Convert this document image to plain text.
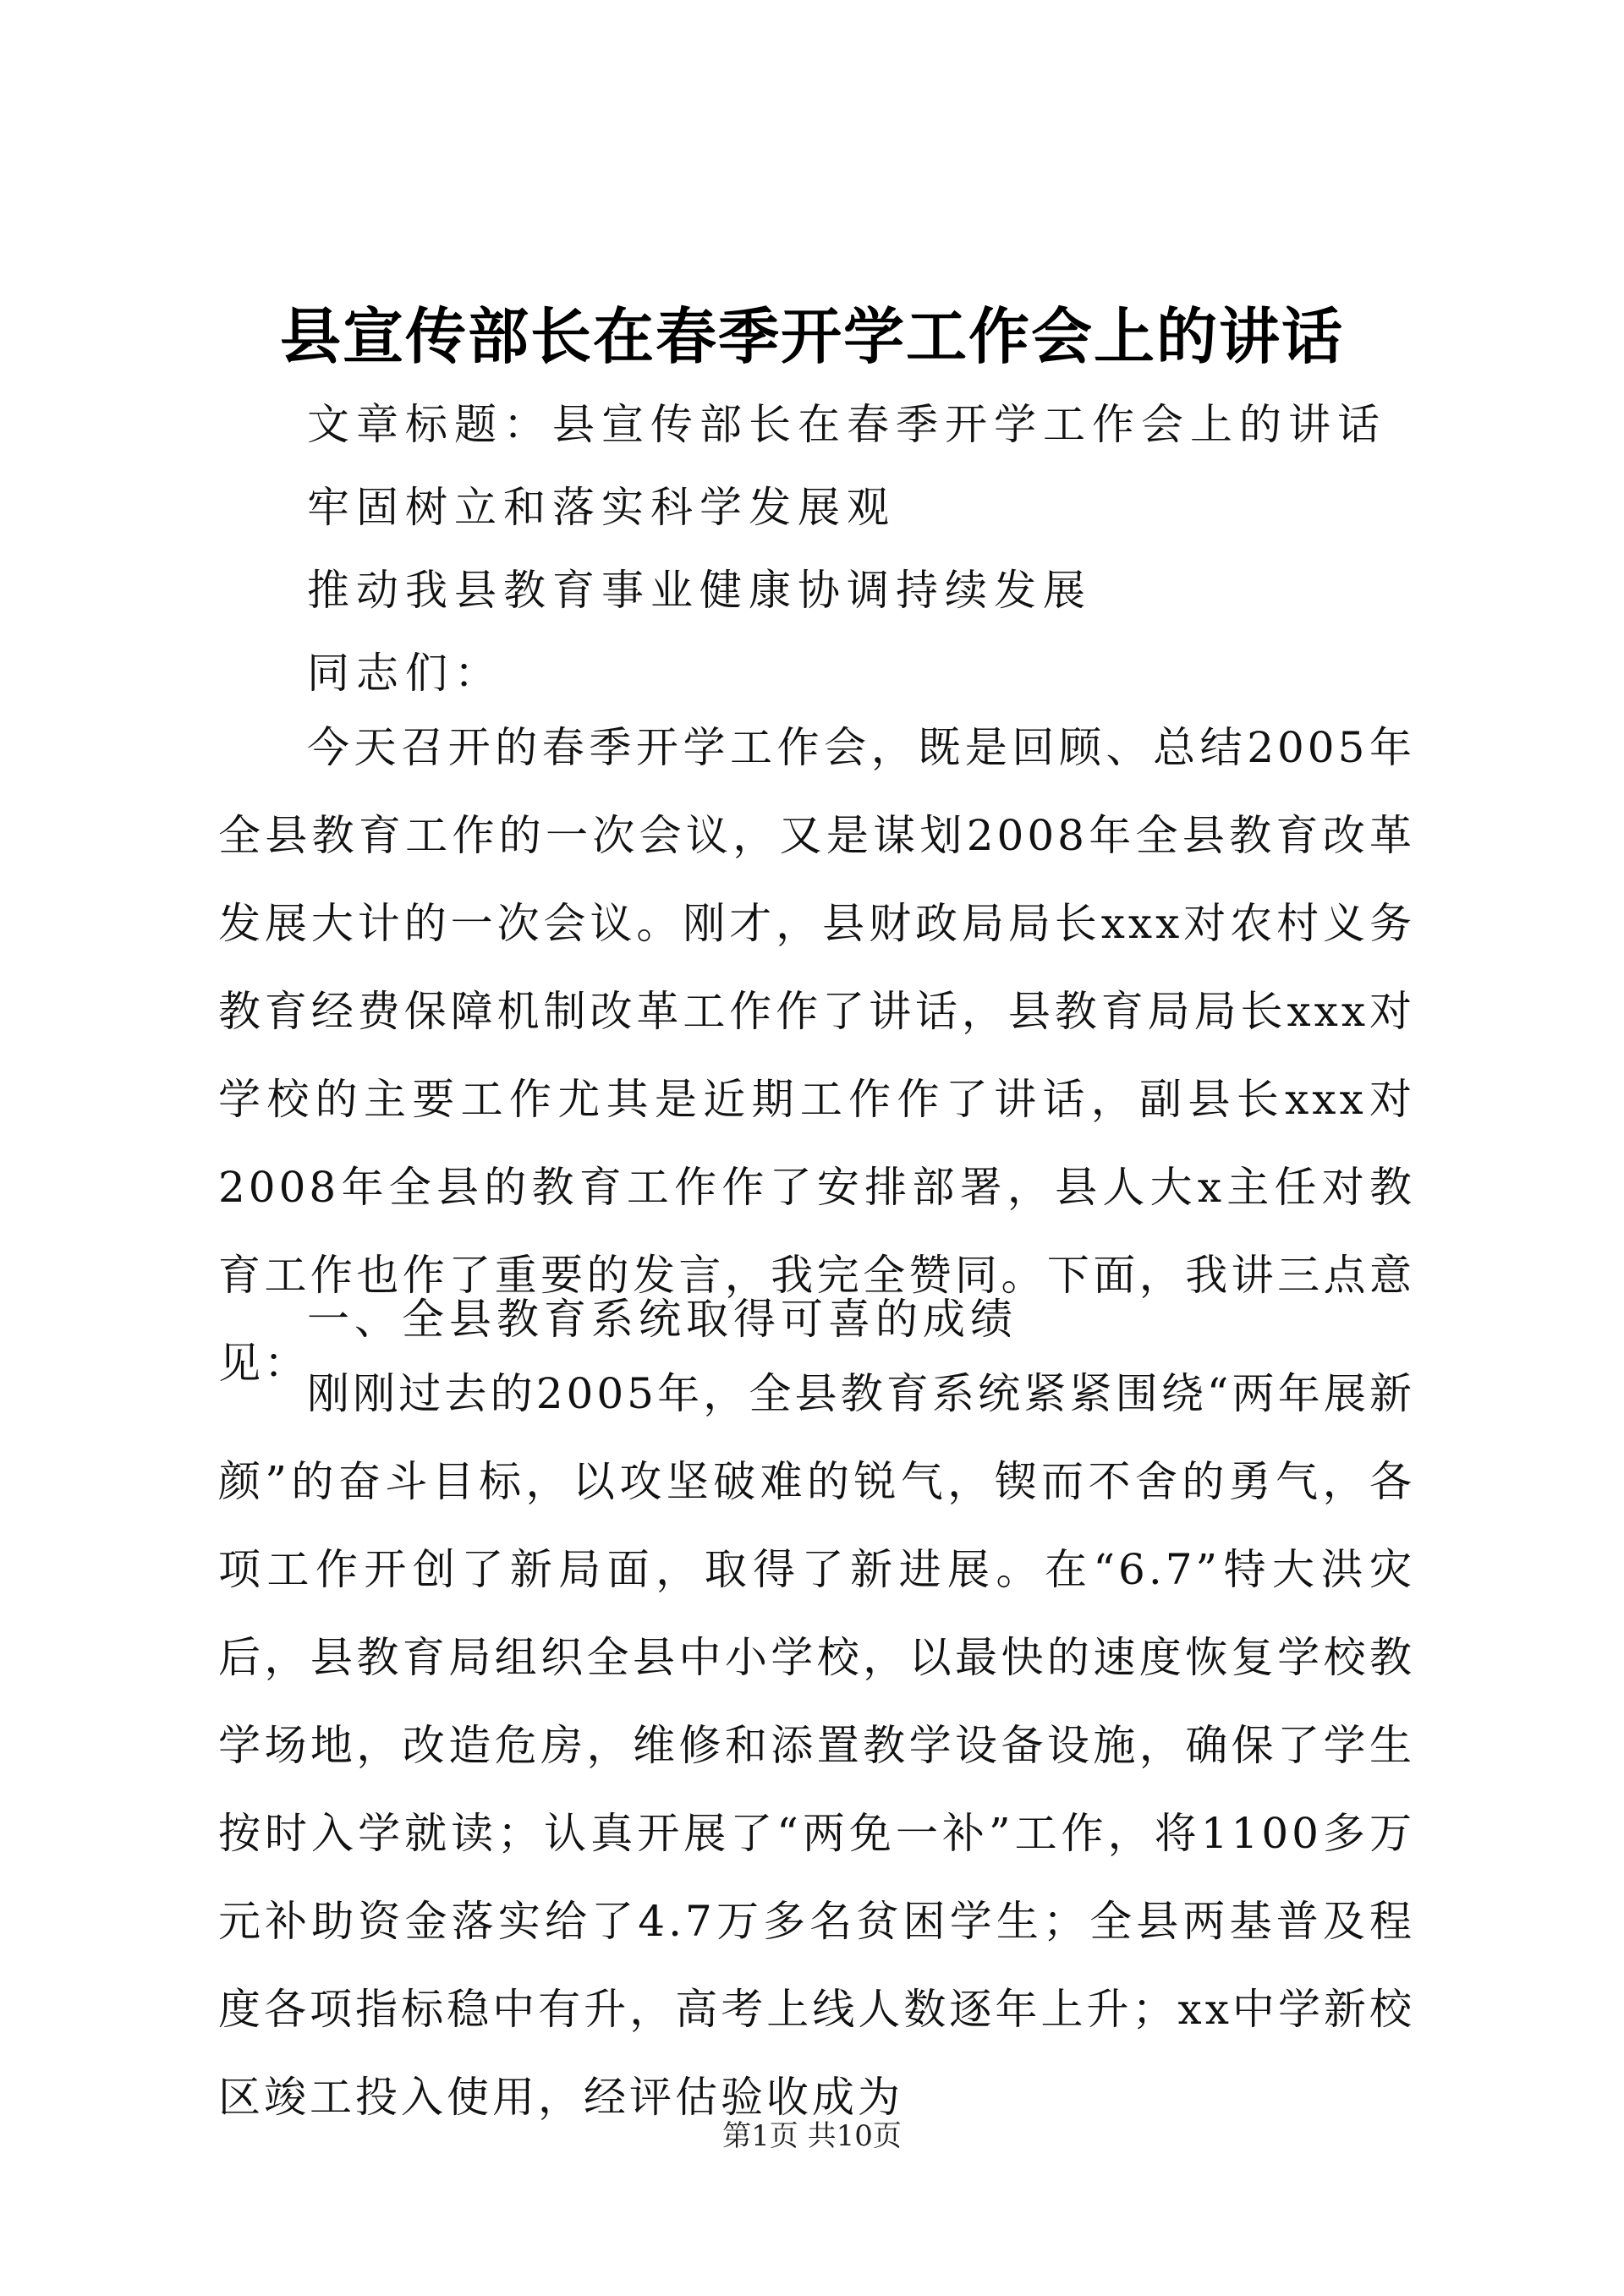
县宣传部长在春季开学工作会上的讲话
文章标题：县宣传部长在春季开学工作会上的讲话
牢固树立和落实科学发展观
推动我县教育事业健康协调持续发展
同志们：
今天召开的春季开学工作会，既是回顾、总结2005年全县教育工作的一次会议，又是谋划2008年全县教育改革发展大计的一次会议。刚才，县财政局局长xxx对农村义务教育经费保障机制改革工作作了讲话，县教育局局长xxx对学校的主要工作尤其是近期工作作了讲话，副县长xxx对2008年全县的教育工作作了安排部署，县人大x主任对教育工作也作了重要的发言，我完全赞同。下面，我讲三点意见：
一、全县教育系统取得可喜的成绩
刚刚过去的2005年，全县教育系统紧紧围绕“两年展新颜”的奋斗目标，以攻坚破难的锐气，锲而不舍的勇气，各项工作开创了新局面，取得了新进展。在“6.7”特大洪灾后，县教育局组织全县中小学校，以最快的速度恢复学校教学场地，改造危房，维修和添置教学设备设施，确保了学生按时入学就读；认真开展了“两免一补”工作，将1100多万元补助资金落实给了4.7万多名贫困学生；全县两基普及程度各项指标稳中有升，高考上线人数逐年上升；xx中学新校区竣工投入使用，经评估验收成为
第1页 共10页
